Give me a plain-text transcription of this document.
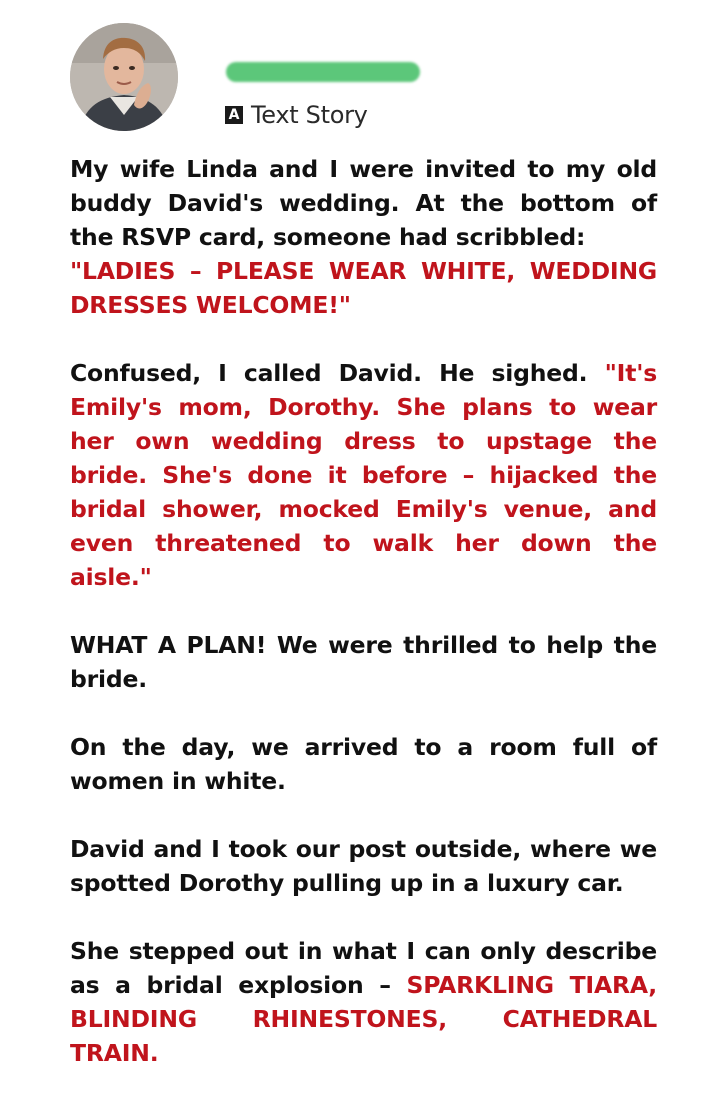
A Text Story

My wife Linda and I were invited to my old buddy David's wedding. At the bottom of the RSVP card, someone had scribbled:
"LADIES – PLEASE WEAR WHITE, WEDDING DRESSES WELCOME!"

Confused, I called David. He sighed. "It's Emily's mom, Dorothy. She plans to wear her own wedding dress to upstage the bride. She's done it before – hijacked the bridal shower, mocked Emily's venue, and even threatened to walk her down the aisle."

WHAT A PLAN! We were thrilled to help the bride.

On the day, we arrived to a room full of women in white.

David and I took our post outside, where we spotted Dorothy pulling up in a luxury car.

She stepped out in what I can only describe as a bridal explosion – SPARKLING TIARA, BLINDING RHINESTONES, CATHEDRAL TRAIN.
